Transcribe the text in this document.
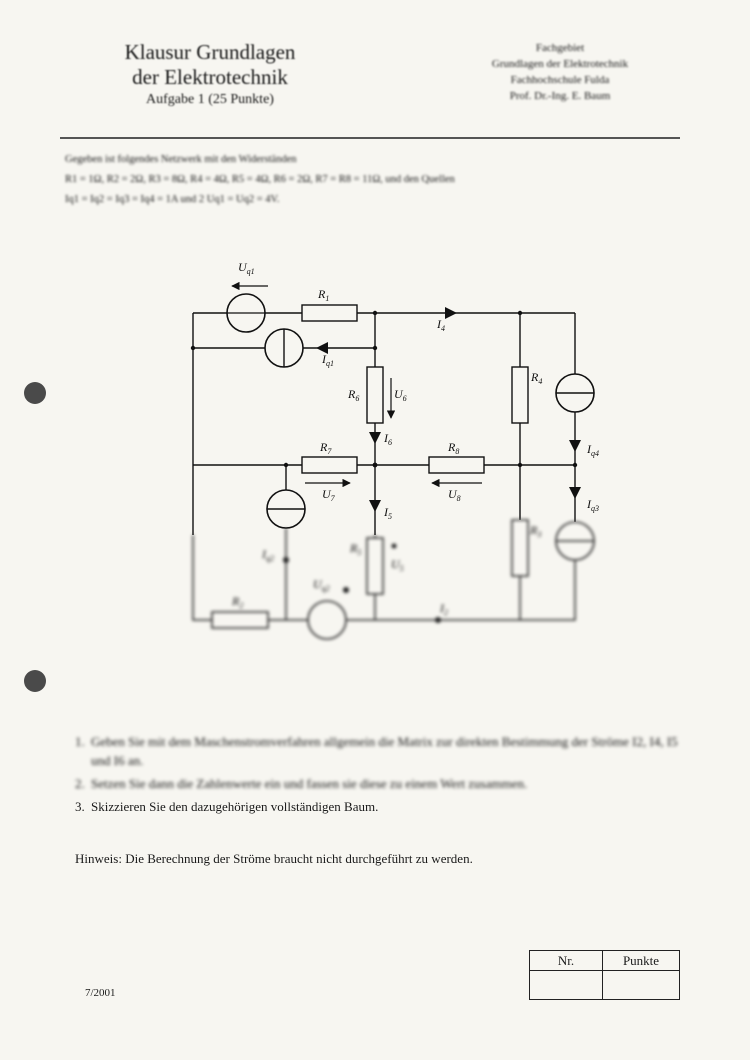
Klausur Grundlagen
der Elektrotechnik
Aufgabe 1 (25 Punkte)
Fachgebiet
Grundlagen der Elektrotechnik
Fachhochschule Fulda
Prof. Dr.-Ing. E. Baum
Gegeben ist folgendes Netzwerk mit den Widerständen
R1 = 1Ω, R2 = 2Ω, R3 = 8Ω, R4 = 4Ω, R5 = 4Ω, R6 = 2Ω, R7 = R8 = 11Ω, und den Quellen
Iq1 = Iq2 = Iq3 = Iq4 = 1A und 2 Uq1 = Uq2 = 4V.
$U_{q1}$
$R_1$
$I_4$
$I_{q1}$
$R_6$	$U_6$
$I_6$
$R_4$
$I_{q4}$
$R_7$
$U_7$
$R_8$
$U_8$
$I_5$
$I_{q3}$
$R_5$
$U_5$
$R_3$
$I_{q2}$
$R_2$
$U_{q2}$
$I_2$
1. Geben Sie mit dem Maschenstromverfahren allgemein die Matrix zur direkten Bestimmung der Ströme I2, I4, I5 und I6 an.
2. Setzen Sie dann die Zahlenwerte ein und fassen sie diese zu einem Wert zusammen.
3. Skizzieren Sie den dazugehörigen vollständigen Baum.
Hinweis: Die Berechnung der Ströme braucht nicht durchgeführt zu werden.
7/2001
Nr.	Punkte
